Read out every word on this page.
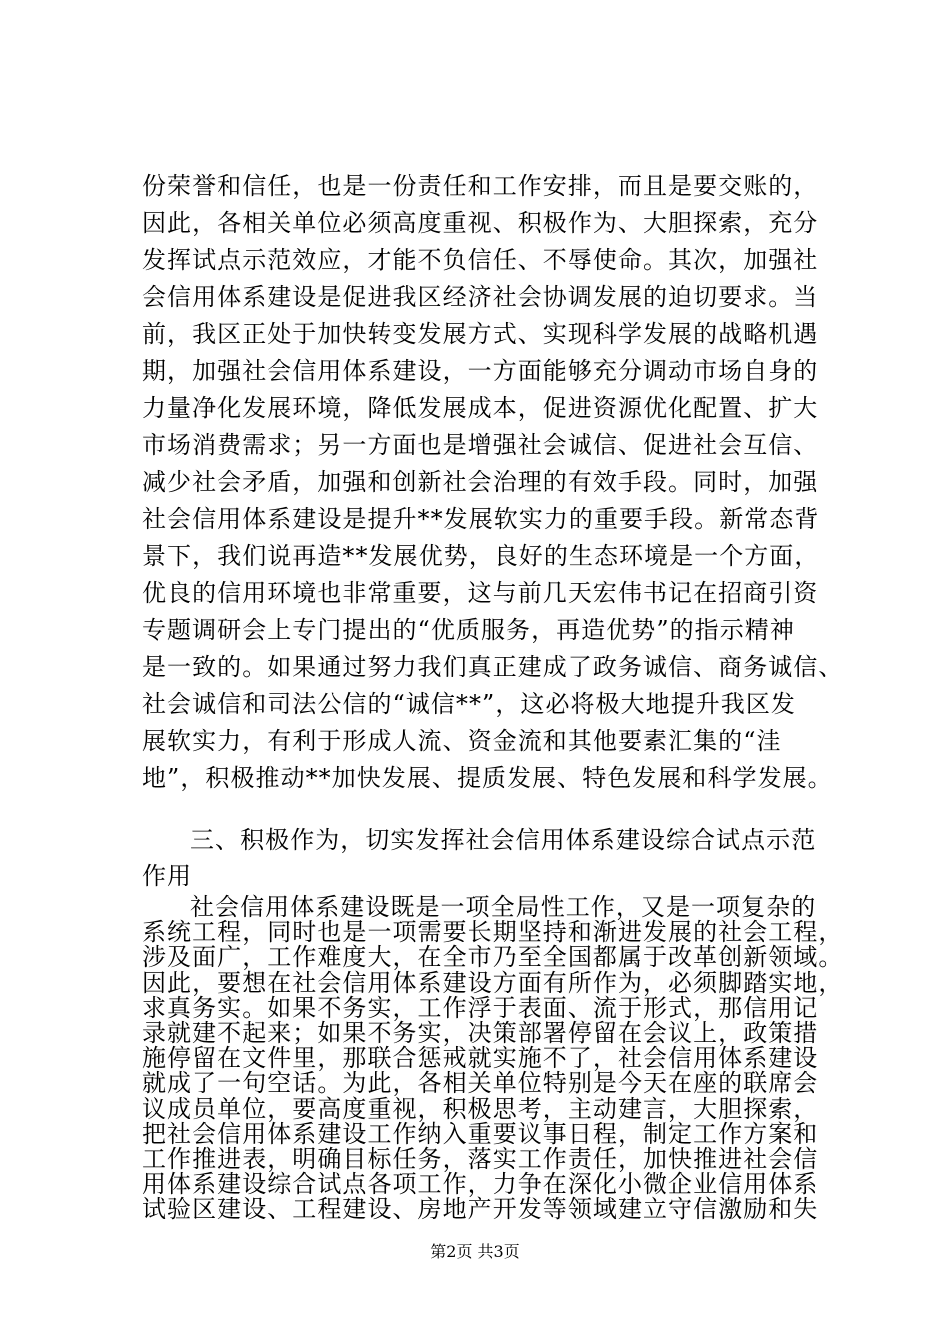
份荣誉和信任，也是一份责任和工作安排，而且是要交账的，
因此，各相关单位必须高度重视、积极作为、大胆探索，充分
发挥试点示范效应，才能不负信任、不辱使命。其次，加强社
会信用体系建设是促进我区经济社会协调发展的迫切要求。当
前，我区正处于加快转变发展方式、实现科学发展的战略机遇
期，加强社会信用体系建设，一方面能够充分调动市场自身的
力量净化发展环境，降低发展成本，促进资源优化配置、扩大
市场消费需求；另一方面也是增强社会诚信、促进社会互信、
减少社会矛盾，加强和创新社会治理的有效手段。同时，加强
社会信用体系建设是提升**发展软实力的重要手段。新常态背
景下，我们说再造**发展优势，良好的生态环境是一个方面，
优良的信用环境也非常重要，这与前几天宏伟书记在招商引资
专题调研会上专门提出的“优质服务，再造优势”的指示精神
是一致的。如果通过努力我们真正建成了政务诚信、商务诚信、
社会诚信和司法公信的“诚信**”，这必将极大地提升我区发
展软实力，有利于形成人流、资金流和其他要素汇集的“洼
地”，积极推动**加快发展、提质发展、特色发展和科学发展。
三、积极作为，切实发挥社会信用体系建设综合试点示范
作用
社会信用体系建设既是一项全局性工作，又是一项复杂的
系统工程，同时也是一项需要长期坚持和渐进发展的社会工程，
涉及面广，工作难度大，在全市乃至全国都属于改革创新领域。
因此，要想在社会信用体系建设方面有所作为，必须脚踏实地，
求真务实。如果不务实，工作浮于表面、流于形式，那信用记
录就建不起来；如果不务实，决策部署停留在会议上，政策措
施停留在文件里，那联合惩戒就实施不了，社会信用体系建设
就成了一句空话。为此，各相关单位特别是今天在座的联席会
议成员单位，要高度重视，积极思考，主动建言，大胆探索，
把社会信用体系建设工作纳入重要议事日程，制定工作方案和
工作推进表，明确目标任务，落实工作责任，加快推进社会信
用体系建设综合试点各项工作，力争在深化小微企业信用体系
试验区建设、工程建设、房地产开发等领域建立守信激励和失
第2页 共3页
